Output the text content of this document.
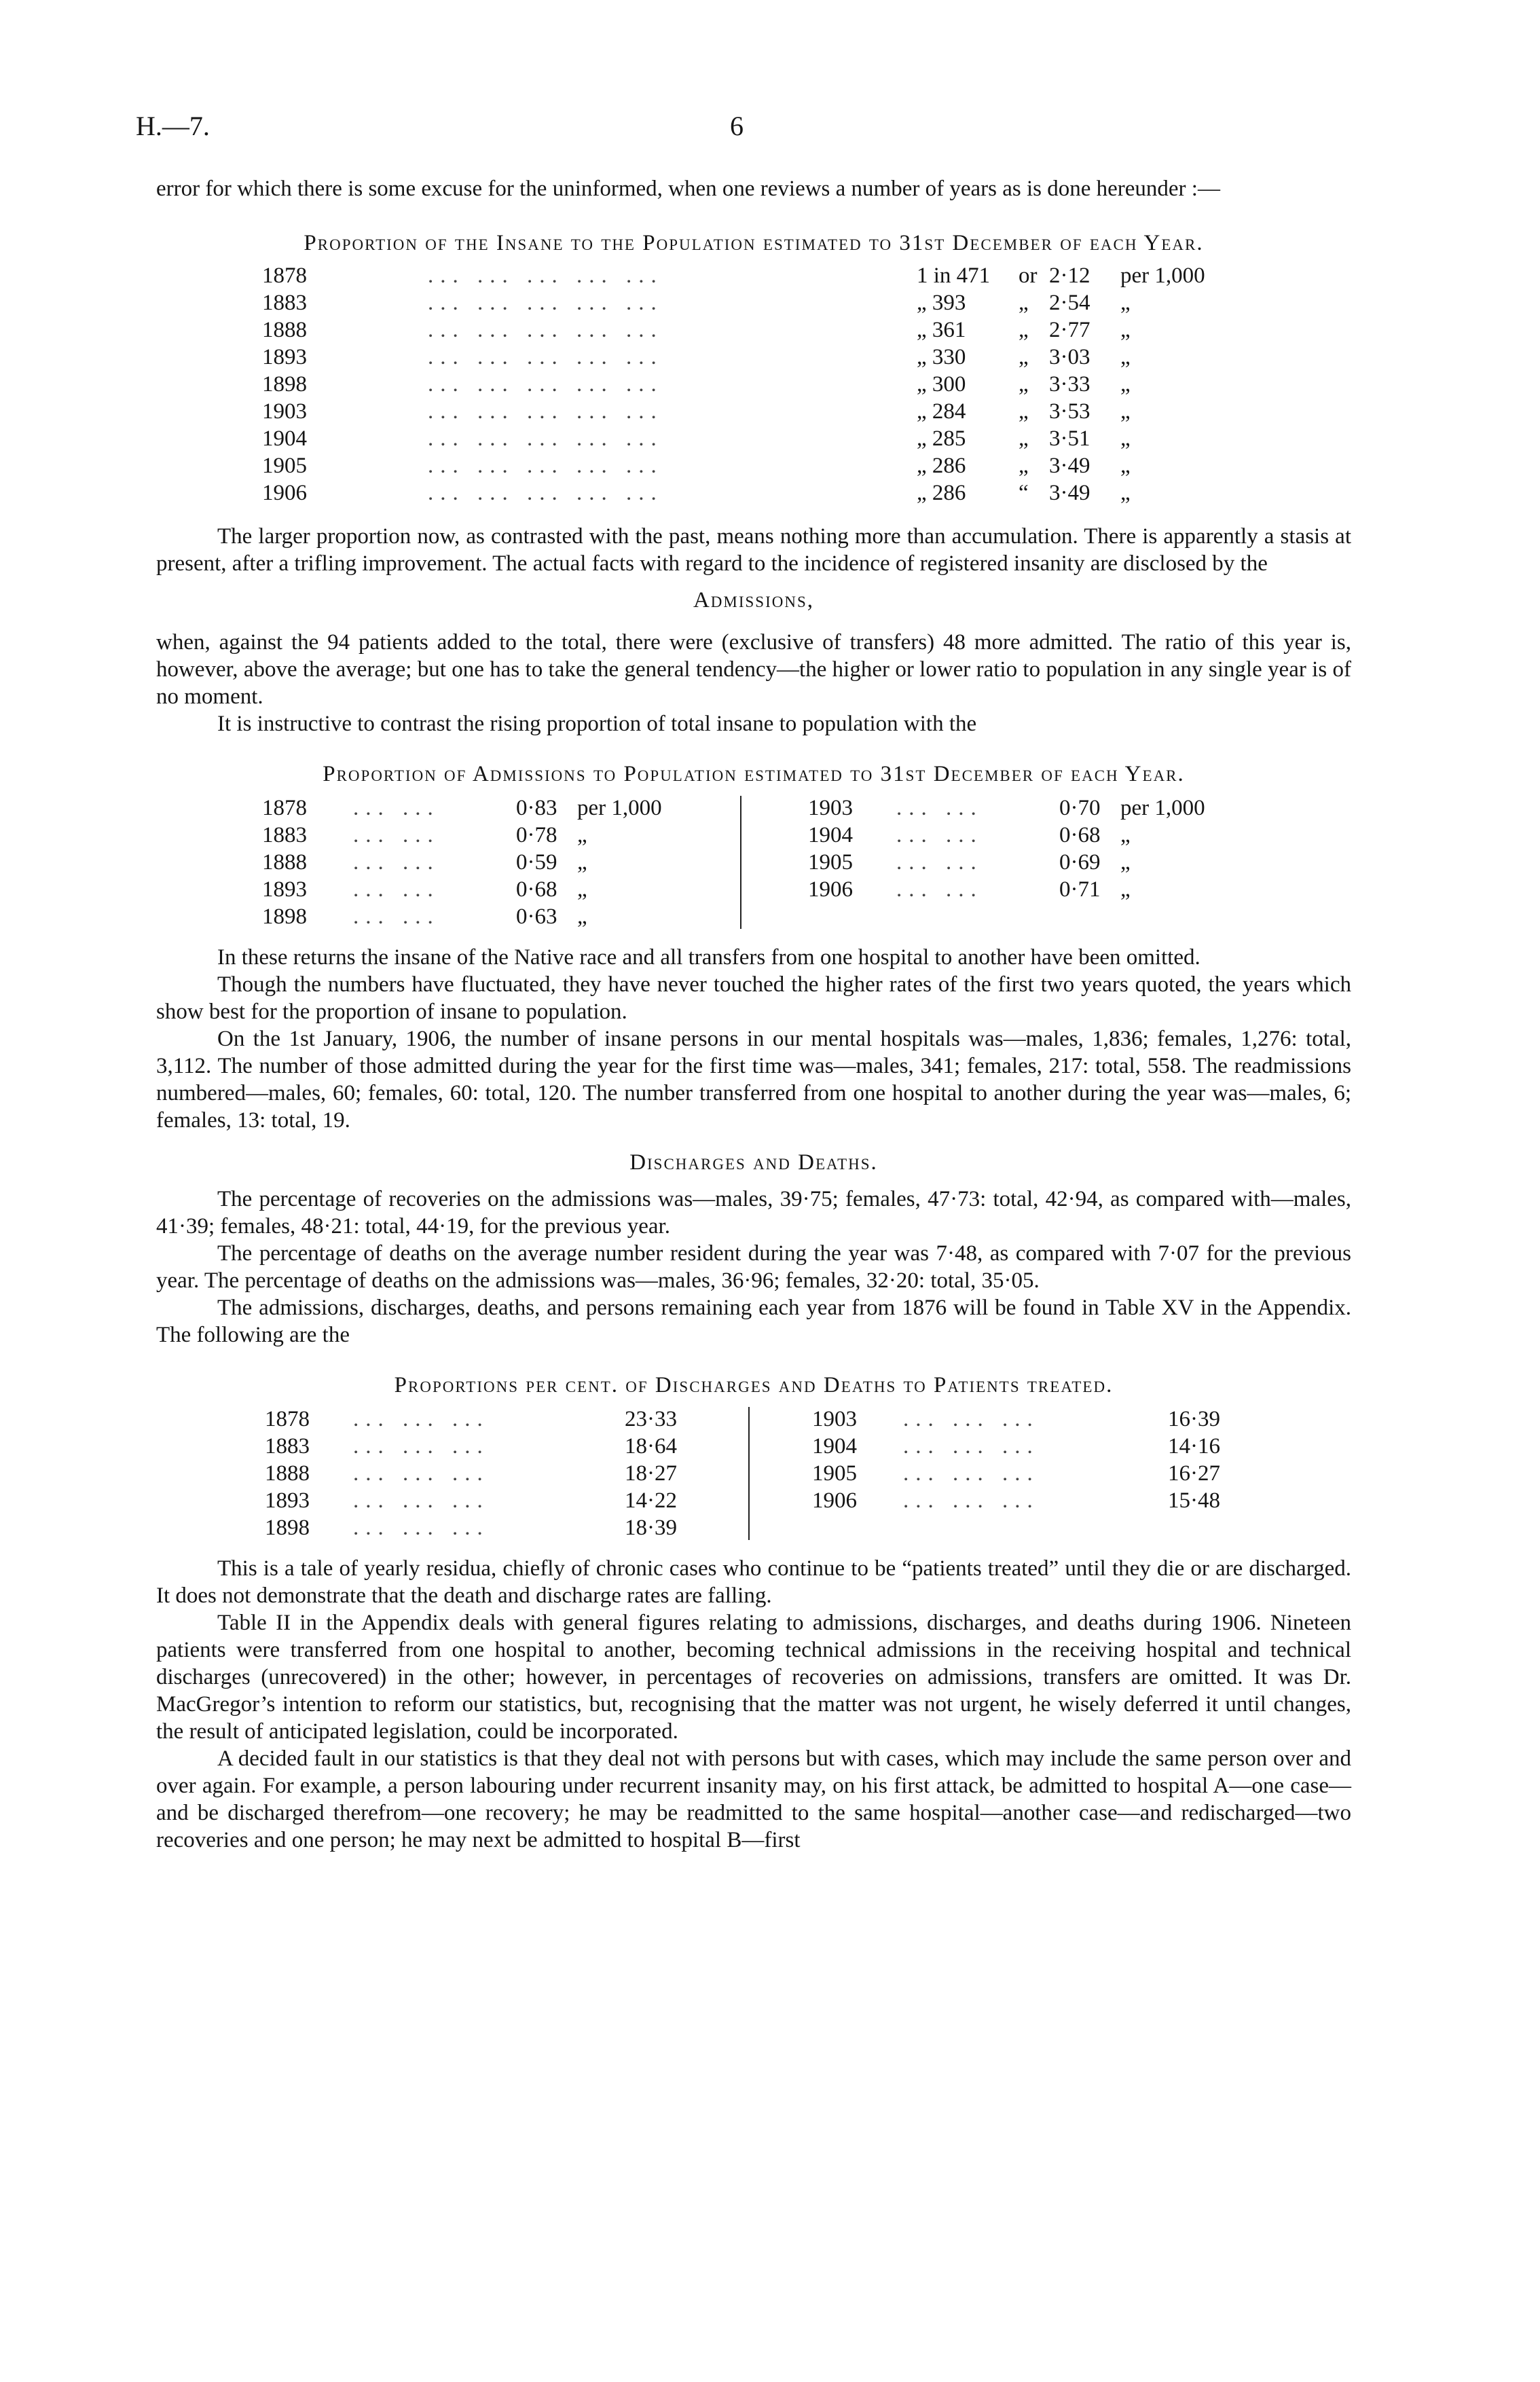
H.—7.	6

error for which there is some excuse for the uninformed, when one reviews a number of years as is done hereunder :—

Proportion of the Insane to the Population estimated to 31st December of each Year.

1878	... ... ... ... ...	1 in 471 or 2·12 per 1,000
1883	... ... ... ... ...	„ 393 „ 2·54 „
1888	... ... ... ... ...	„ 361 „ 2·77 „
1893	... ... ... ... ...	„ 330 „ 3·03 „
1898	... ... ... ... ...	„ 300 „ 3·33 „
1903	... ... ... ... ...	„ 284 „ 3·53 „
1904	... ... ... ... ...	„ 285 „ 3·51 „
1905	... ... ... ... ...	„ 286 „ 3·49 „
1906	... ... ... ... ...	„ 286 “ 3·49 „

The larger proportion now, as contrasted with the past, means nothing more than accumulation. There is apparently a stasis at present, after a trifling improvement. The actual facts with regard to the incidence of registered insanity are disclosed by the

Admissions,

when, against the 94 patients added to the total, there were (exclusive of transfers) 48 more admitted. The ratio of this year is, however, above the average; but one has to take the general tendency—the higher or lower ratio to population in any single year is of no moment.

It is instructive to contrast the rising proportion of total insane to population with the

Proportion of Admissions to Population estimated to 31st December of each Year.

1878 ... ...	0·83 per 1,000
1883 ... ...	0·78 „
1888 ... ...	0·59 „
1893 ... ...	0·68 „
1898 ... ...	0·63 „
1903 ... ...	0·70 per 1,000
1904 ... ...	0·68 „
1905 ... ...	0·69 „
1906 ... ...	0·71 „

In these returns the insane of the Native race and all transfers from one hospital to another have been omitted.

Though the numbers have fluctuated, they have never touched the higher rates of the first two years quoted, the years which show best for the proportion of insane to population.

On the 1st January, 1906, the number of insane persons in our mental hospitals was—males, 1,836; females, 1,276: total, 3,112. The number of those admitted during the year for the first time was—males, 341; females, 217: total, 558. The readmissions numbered—males, 60; females, 60: total, 120. The number transferred from one hospital to another during the year was—males, 6; females, 13: total, 19.

Discharges and Deaths.

The percentage of recoveries on the admissions was—males, 39·75; females, 47·73: total, 42·94, as compared with—males, 41·39; females, 48·21: total, 44·19, for the previous year.

The percentage of deaths on the average number resident during the year was 7·48, as compared with 7·07 for the previous year. The percentage of deaths on the admissions was—males, 36·96; females, 32·20: total, 35·05.

The admissions, discharges, deaths, and persons remaining each year from 1876 will be found in Table XV in the Appendix. The following are the

Proportions per cent. of Discharges and Deaths to Patients treated.

1878 ... ... ...	23·33
1883 ... ... ...	18·64
1888 ... ... ...	18·27
1893 ... ... ...	14·22
1898 ... ... ...	18·39
1903 ... ... ...	16·39
1904 ... ... ...	14·16
1905 ... ... ...	16·27
1906 ... ... ...	15·48

This is a tale of yearly residua, chiefly of chronic cases who continue to be “patients treated” until they die or are discharged. It does not demonstrate that the death and discharge rates are falling.

Table II in the Appendix deals with general figures relating to admissions, discharges, and deaths during 1906. Nineteen patients were transferred from one hospital to another, becoming technical admissions in the receiving hospital and technical discharges (unrecovered) in the other; however, in percentages of recoveries on admissions, transfers are omitted. It was Dr. MacGregor’s intention to reform our statistics, but, recognising that the matter was not urgent, he wisely deferred it until changes, the result of anticipated legislation, could be incorporated.

A decided fault in our statistics is that they deal not with persons but with cases, which may include the same person over and over again. For example, a person labouring under recurrent insanity may, on his first attack, be admitted to hospital A—one case—and be discharged therefrom—one recovery; he may be readmitted to the same hospital—another case—and redischarged—two recoveries and one person; he may next be admitted to hospital B—first
